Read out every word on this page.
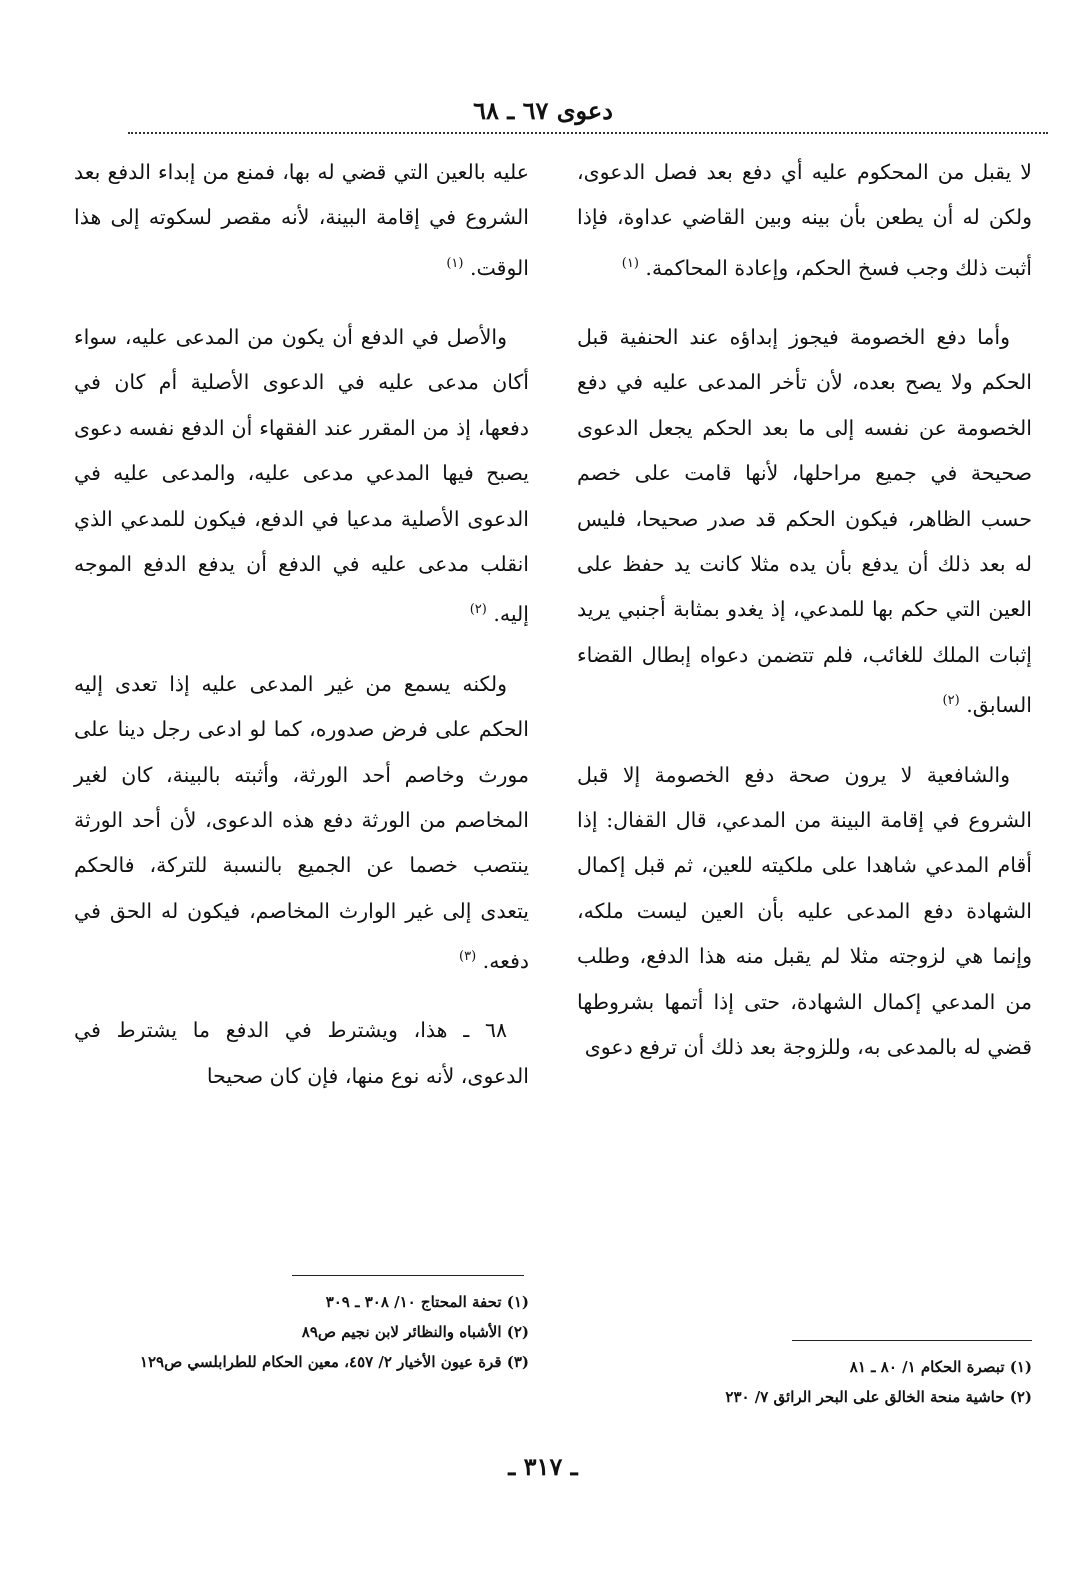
دعوى ٦٧ ـ ٦٨

لا يقبل من المحكوم عليه أي دفع بعد فصل الدعوى، ولكن له أن يطعن بأن بينه وبين القاضي عداوة، فإذا أثبت ذلك وجب فسخ الحكم، وإعادة المحاكمة. $^{(١)}$

وأما دفع الخصومة فيجوز إبداؤه عند الحنفية قبل الحكم ولا يصح بعده، لأن تأخر المدعى عليه في دفع الخصومة عن نفسه إلى ما بعد الحكم يجعل الدعوى صحيحة في جميع مراحلها، لأنها قامت على خصم حسب الظاهر، فيكون الحكم قد صدر صحيحا، فليس له بعد ذلك أن يدفع بأن يده مثلا كانت يد حفظ على العين التي حكم بها للمدعي، إذ يغدو بمثابة أجنبي يريد إثبات الملك للغائب، فلم تتضمن دعواه إبطال القضاء السابق. $^{(٢)}$

والشافعية لا يرون صحة دفع الخصومة إلا قبل الشروع في إقامة البينة من المدعي، قال القفال: إذا أقام المدعي شاهدا على ملكيته للعين، ثم قبل إكمال الشهادة دفع المدعى عليه بأن العين ليست ملكه، وإنما هي لزوجته مثلا لم يقبل منه هذا الدفع، وطلب من المدعي إكمال الشهادة، حتى إذا أتمها بشروطها قضي له بالمدعى به، وللزوجة بعد ذلك أن ترفع دعوى

عليه بالعين التي قضي له بها، فمنع من إبداء الدفع بعد الشروع في إقامة البينة، لأنه مقصر لسكوته إلى هذا الوقت. $^{(١)}$

والأصل في الدفع أن يكون من المدعى عليه، سواء أكان مدعى عليه في الدعوى الأصلية أم كان في دفعها، إذ من المقرر عند الفقهاء أن الدفع نفسه دعوى يصبح فيها المدعي مدعى عليه، والمدعى عليه في الدعوى الأصلية مدعيا في الدفع، فيكون للمدعي الذي انقلب مدعى عليه في الدفع أن يدفع الدفع الموجه إليه. $^{(٢)}$

ولكنه يسمع من غير المدعى عليه إذا تعدى إليه الحكم على فرض صدوره، كما لو ادعى رجل دينا على مورث وخاصم أحد الورثة، وأثبته بالبينة، كان لغير المخاصم من الورثة دفع هذه الدعوى، لأن أحد الورثة ينتصب خصما عن الجميع بالنسبة للتركة، فالحكم يتعدى إلى غير الوارث المخاصم، فيكون له الحق في دفعه. $^{(٣)}$

٦٨ ـ هذا، ويشترط في الدفع ما يشترط في الدعوى، لأنه نوع منها، فإن كان صحيحا

(١) تبصرة الحكام ١/ ٨٠ ـ ٨١

(٢) حاشية منحة الخالق على البحر الرائق ٧/ ٢٣٠

(١) تحفة المحتاج ١٠/ ٣٠٨ ـ ٣٠٩

(٢) الأشباه والنظائر لابن نجيم ص٨٩

(٣) قرة عيون الأخيار ٢/ ٤٥٧، معين الحكام للطرابلسي ص١٢٩

ـ ٣١٧ ـ
